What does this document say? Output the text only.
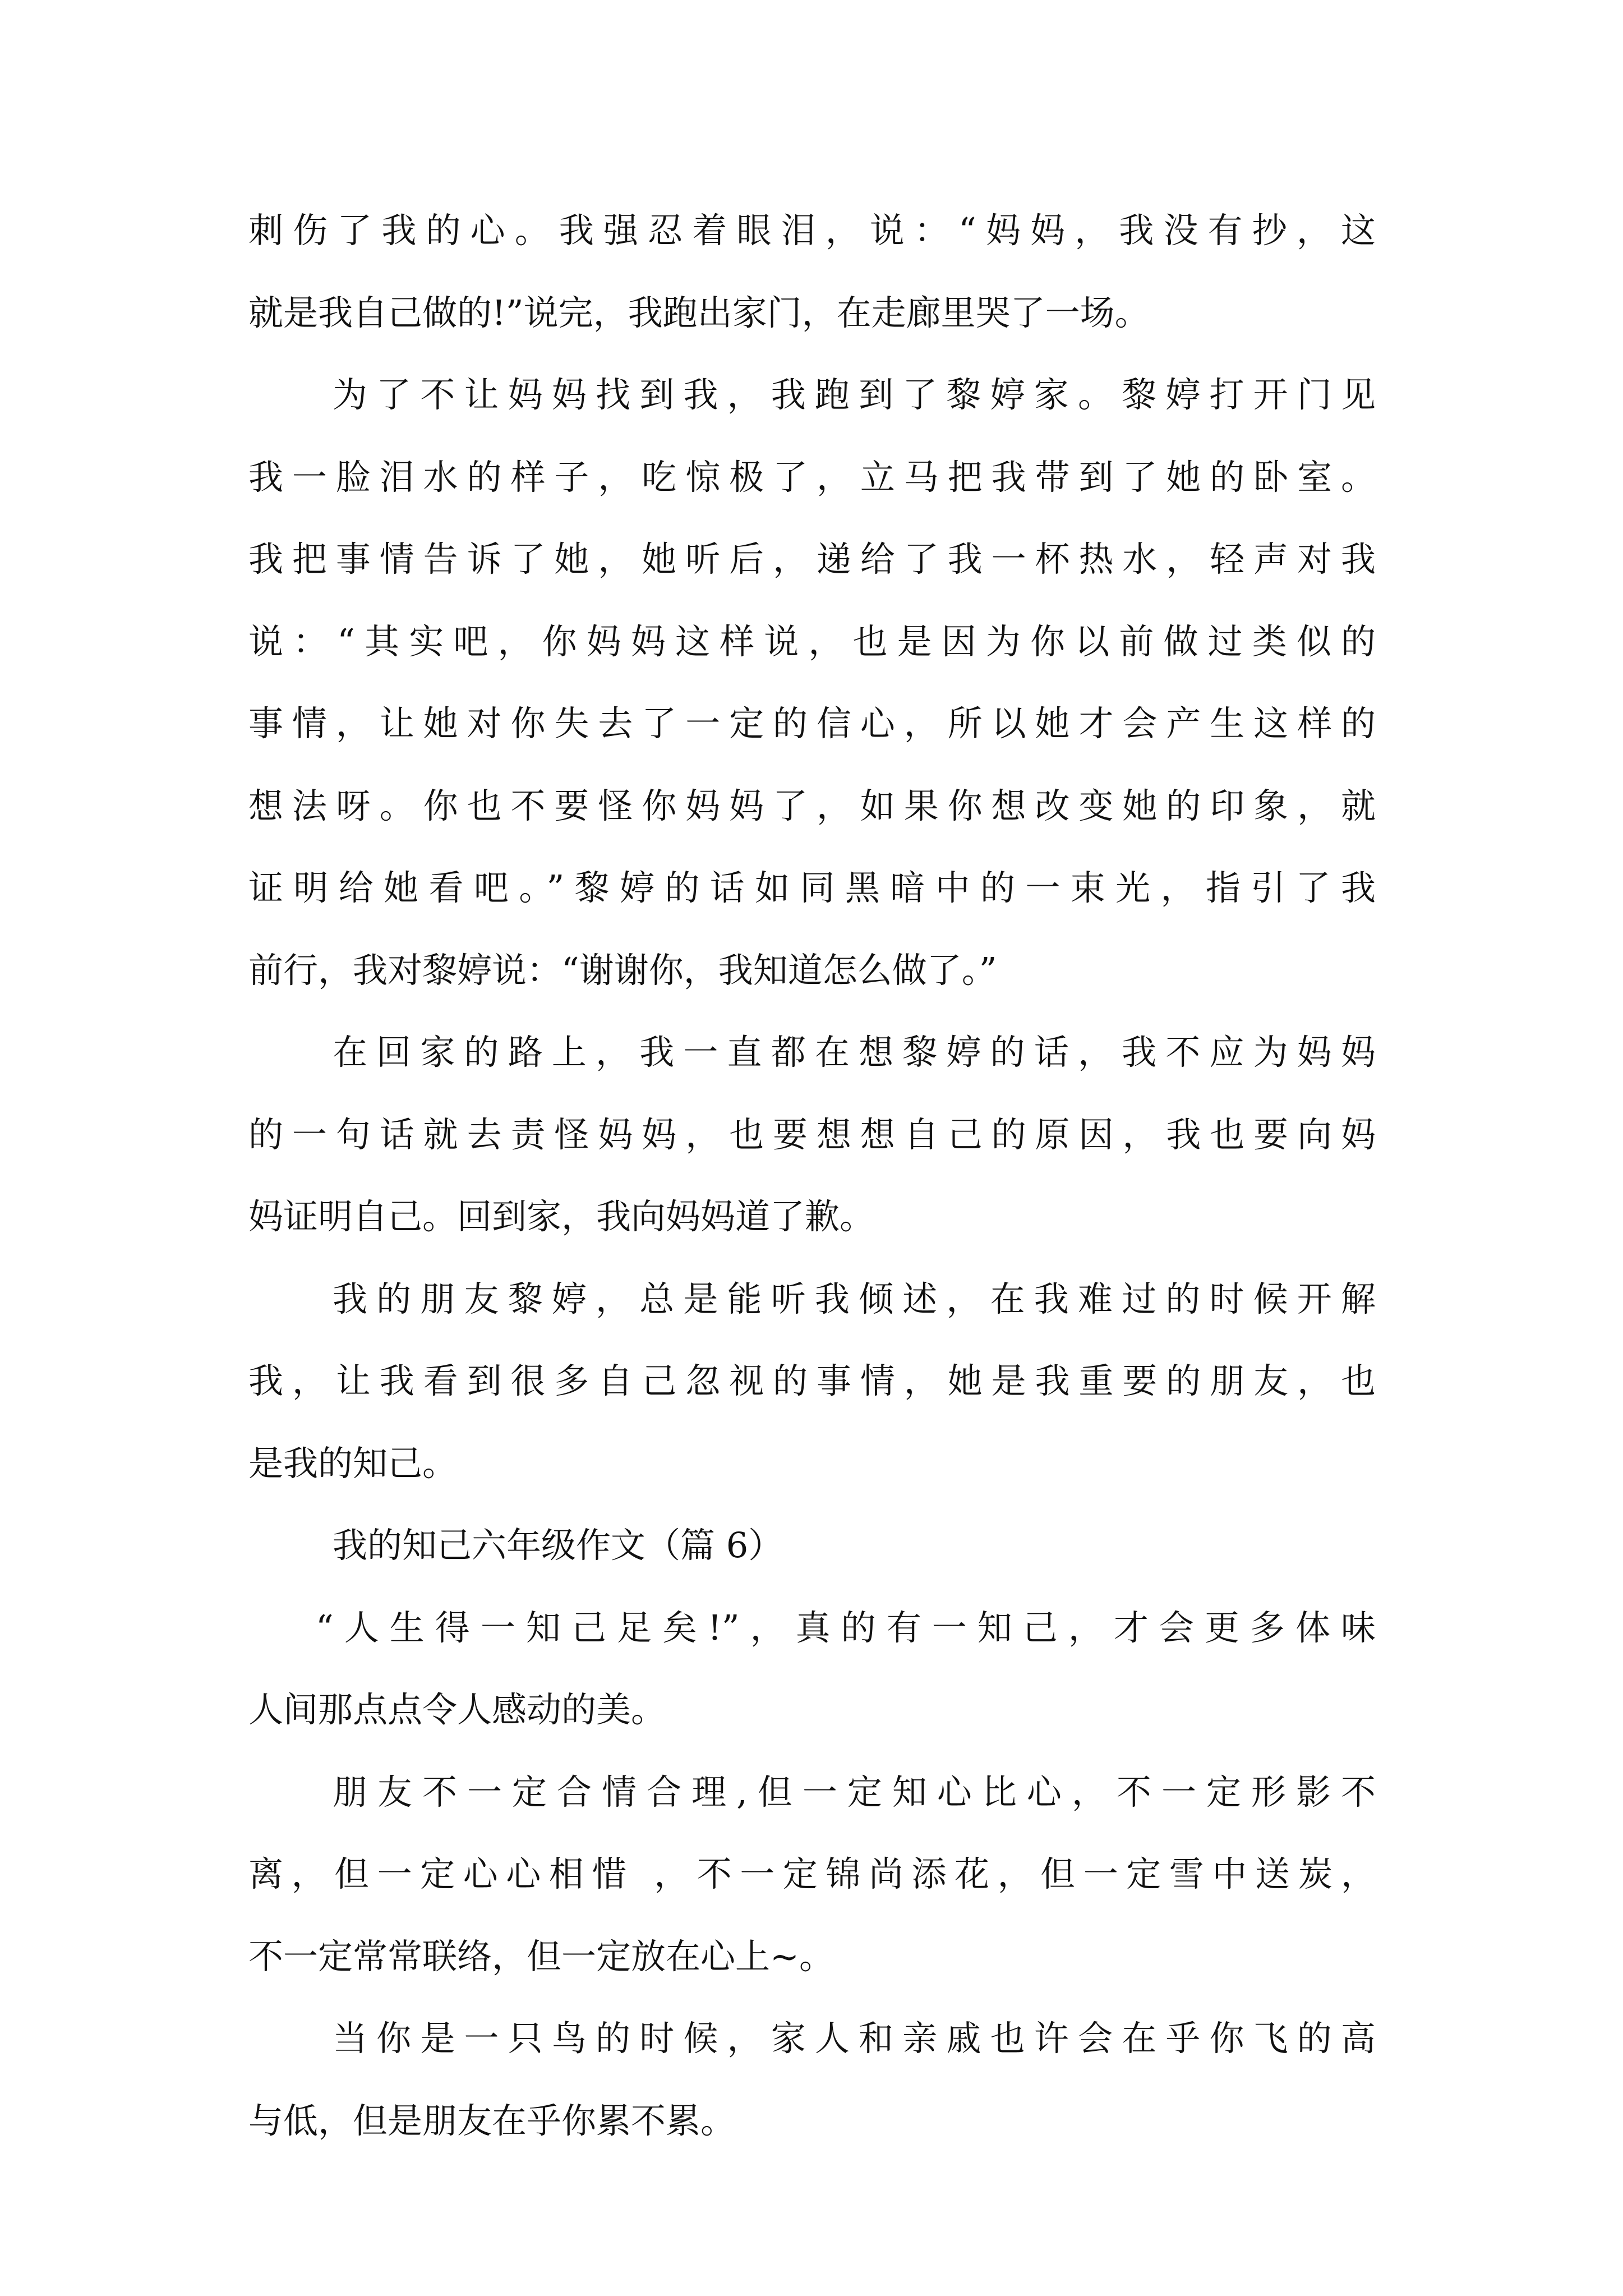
刺伤了我的心。我强忍着眼泪，说：“妈妈，我没有抄，这
就是我自己做的!”说完，我跑出家门，在走廊里哭了一场。
为了不让妈妈找到我，我跑到了黎婷家。黎婷打开门见
我一脸泪水的样子，吃惊极了，立马把我带到了她的卧室。
我把事情告诉了她，她听后，递给了我一杯热水，轻声对我
说：“其实吧，你妈妈这样说，也是因为你以前做过类似的
事情，让她对你失去了一定的信心，所以她才会产生这样的
想法呀。你也不要怪你妈妈了，如果你想改变她的印象，就
证明给她看吧。”黎婷的话如同黑暗中的一束光，指引了我
前行，我对黎婷说：“谢谢你，我知道怎么做了。”
在回家的路上，我一直都在想黎婷的话，我不应为妈妈
的一句话就去责怪妈妈，也要想想自己的原因，我也要向妈
妈证明自己。回到家，我向妈妈道了歉。
我的朋友黎婷，总是能听我倾述，在我难过的时候开解
我，让我看到很多自己忽视的事情，她是我重要的朋友，也
是我的知己。
我的知己六年级作文（篇 6）
“人生得一知己足矣!”，真的有一知己，才会更多体味
人间那点点令人感动的美。
朋友不一定合情合理,但一定知心比心，不一定形影不
离，但一定心心相惜 ，不一定锦尚添花，但一定雪中送炭，
不一定常常联络，但一定放在心上~。
当你是一只鸟的时候，家人和亲戚也许会在乎你飞的高
与低，但是朋友在乎你累不累。
